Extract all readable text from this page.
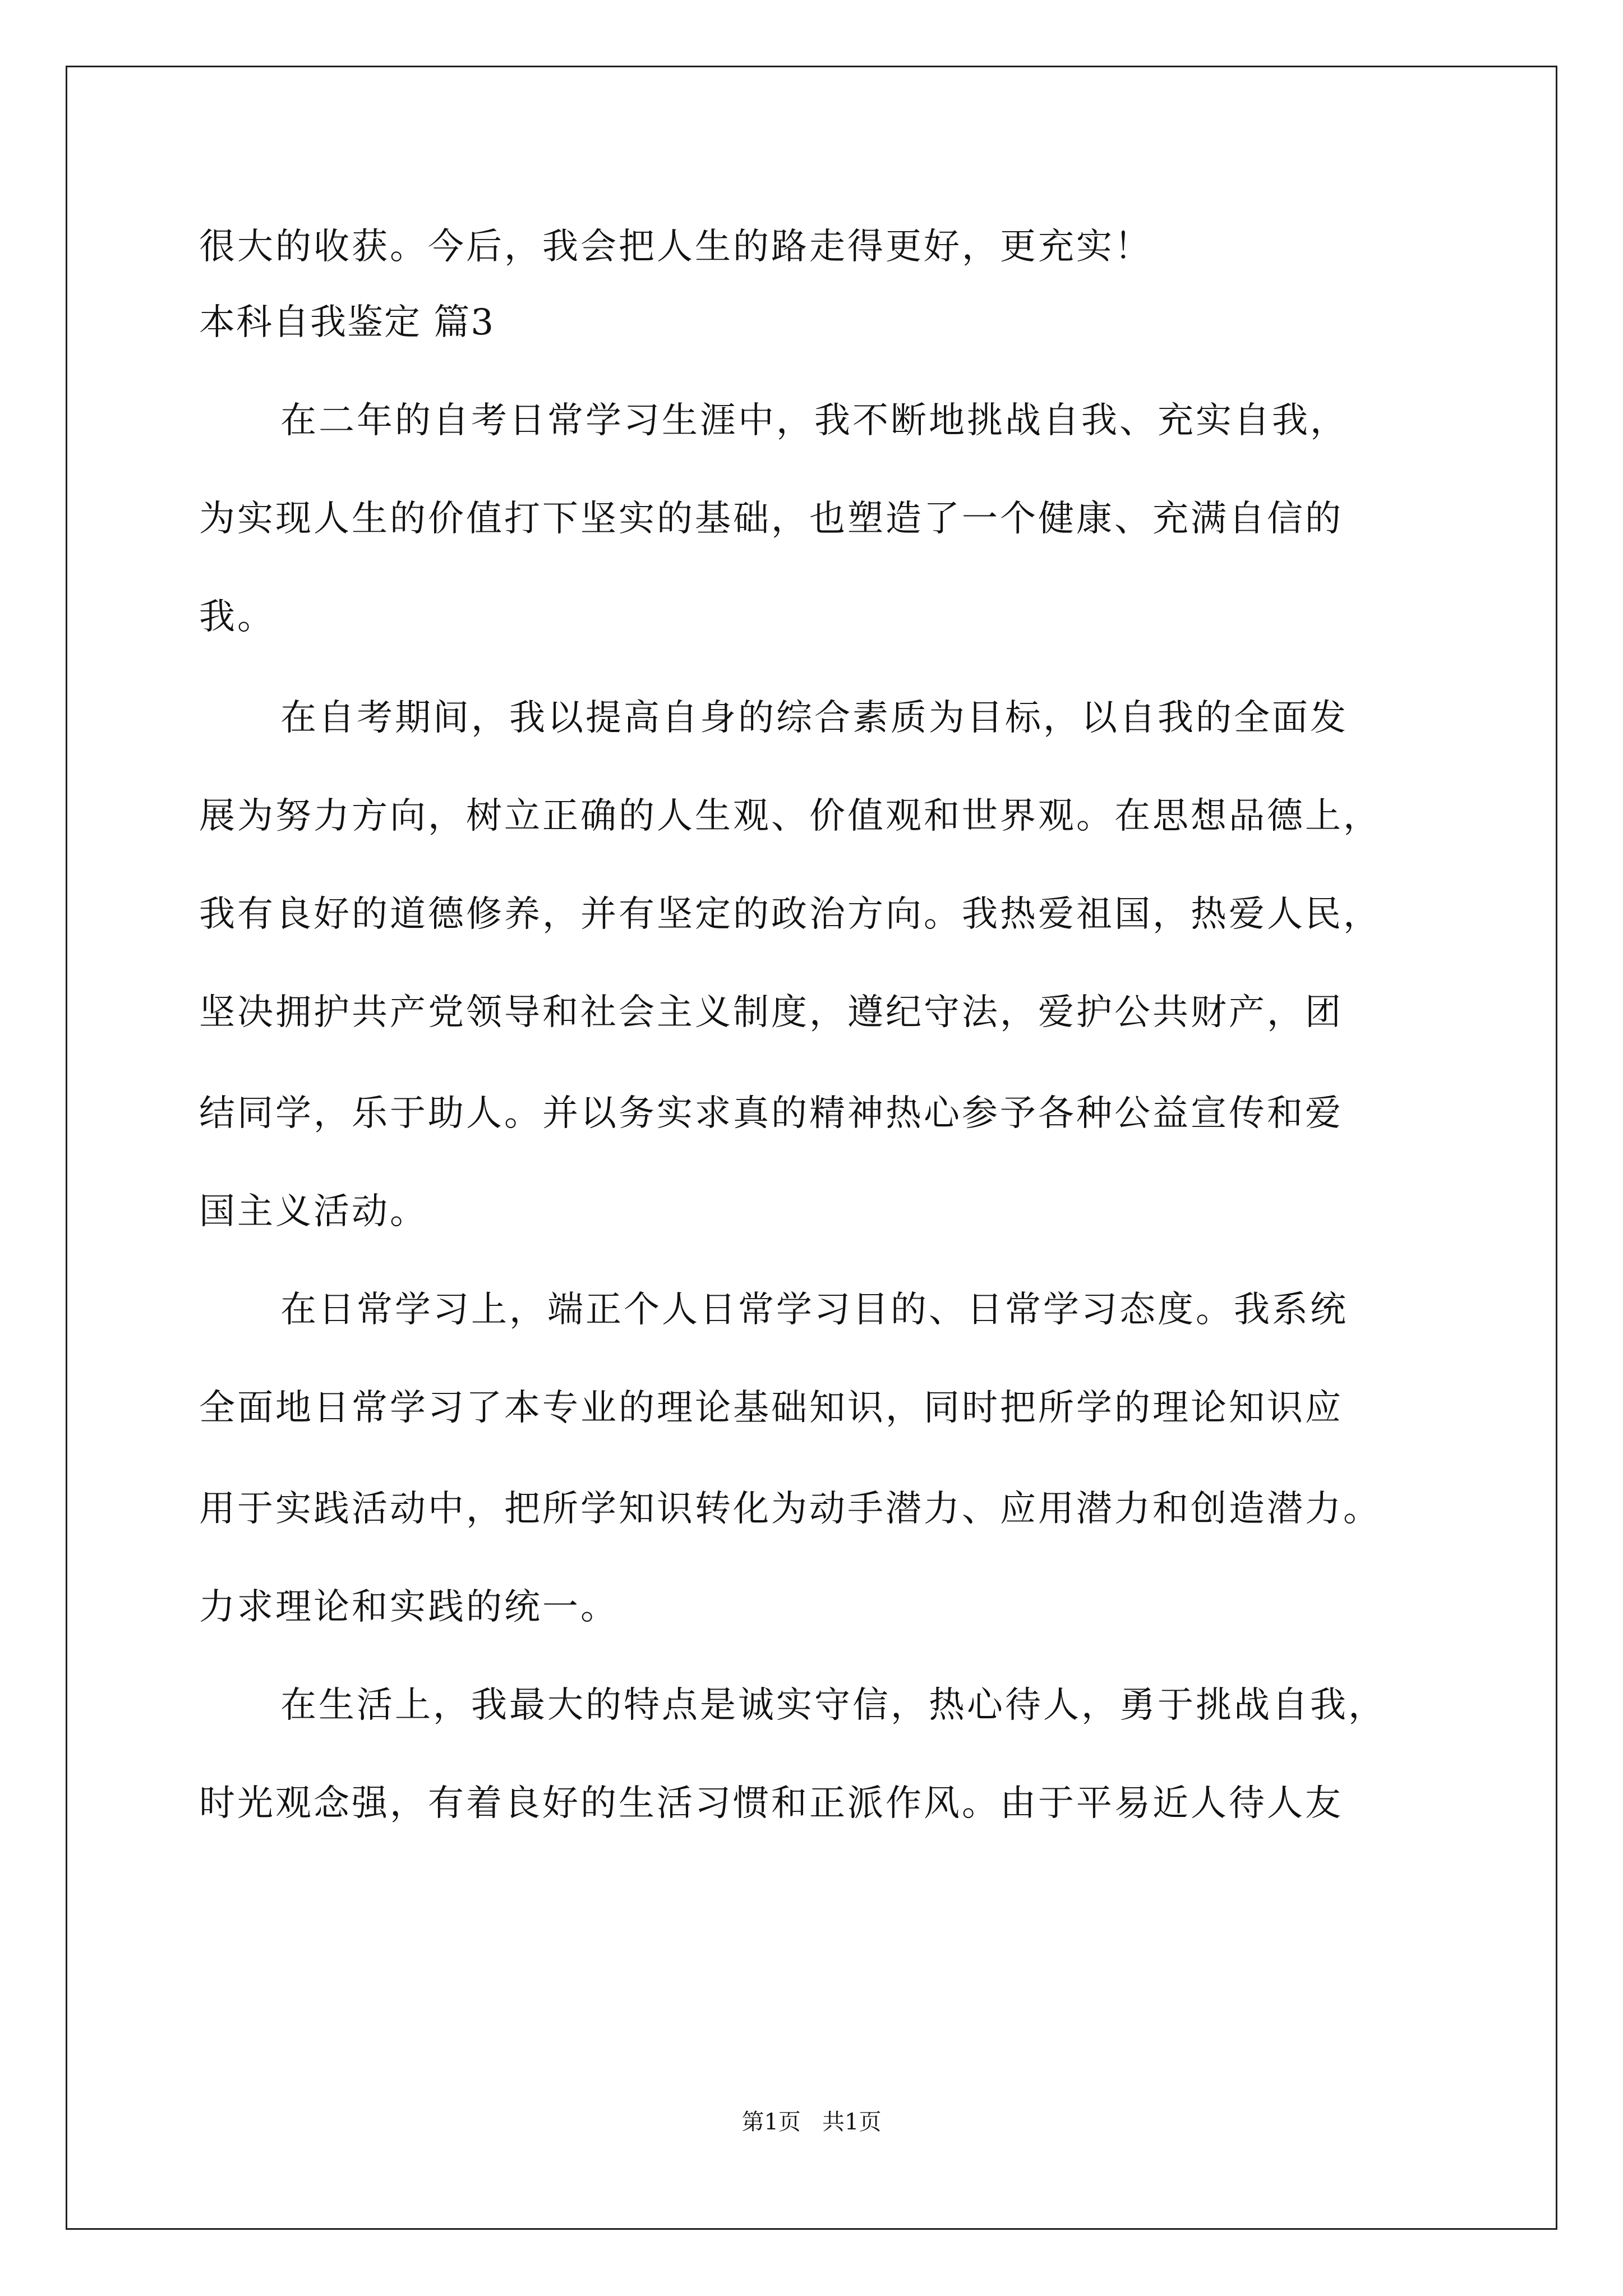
很大的收获。今后，我会把人生的路走得更好，更充实！
本科自我鉴定 篇3
在二年的自考日常学习生涯中，我不断地挑战自我、充实自我，
为实现人生的价值打下坚实的基础，也塑造了一个健康、充满自信的
我。
在自考期间，我以提高自身的综合素质为目标，以自我的全面发
展为努力方向，树立正确的人生观、价值观和世界观。在思想品德上，
我有良好的道德修养，并有坚定的政治方向。我热爱祖国，热爱人民，
坚决拥护共产党领导和社会主义制度，遵纪守法，爱护公共财产，团
结同学，乐于助人。并以务实求真的精神热心参予各种公益宣传和爱
国主义活动。
在日常学习上，端正个人日常学习目的、日常学习态度。我系统
全面地日常学习了本专业的理论基础知识，同时把所学的理论知识应
用于实践活动中，把所学知识转化为动手潜力、应用潜力和创造潜力。
力求理论和实践的统一。
在生活上，我最大的特点是诚实守信，热心待人，勇于挑战自我，
时光观念强，有着良好的生活习惯和正派作风。由于平易近人待人友
第1页   共1页
